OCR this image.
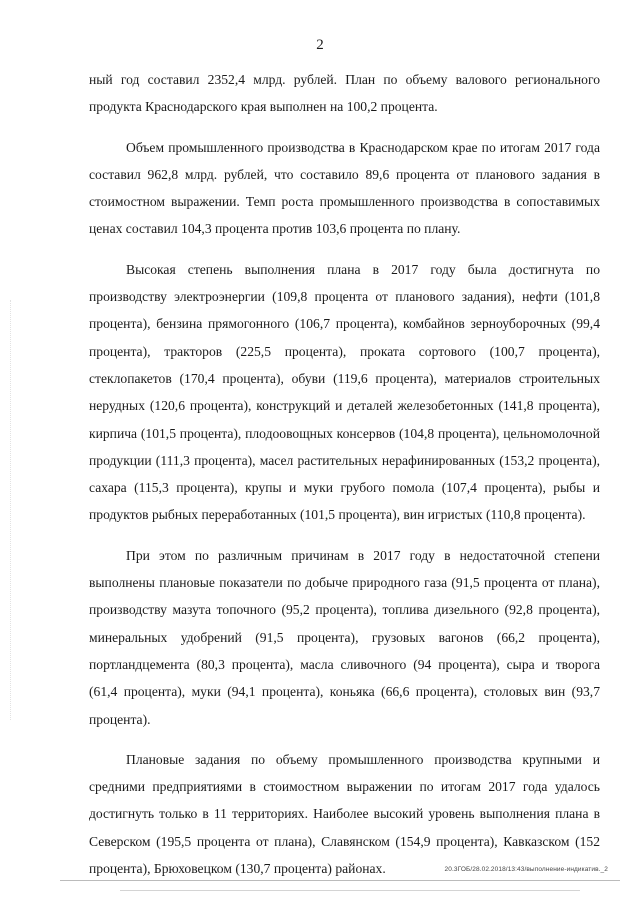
2

ный год составил 2352,4 млрд. рублей. План по объему валового регионального продукта Краснодарского края выполнен на 100,2 процента.

Объем промышленного производства в Краснодарском крае по итогам 2017 года составил 962,8 млрд. рублей, что составило 89,6 процента от планового задания в стоимостном выражении. Темп роста промышленного производства в сопоставимых ценах составил 104,3 процента против 103,6 процента по плану.

Высокая степень выполнения плана в 2017 году была достигнута по производству электроэнергии (109,8 процента от планового задания), нефти (101,8 процента), бензина прямогонного (106,7 процента), комбайнов зерноуборочных (99,4 процента), тракторов (225,5 процента), проката сортового (100,7 процента), стеклопакетов (170,4 процента), обуви (119,6 процента), материалов строительных нерудных (120,6 процента), конструкций и деталей железобетонных (141,8 процента), кирпича (101,5 процента), плодоовощных консервов (104,8 процента), цельномолочной продукции (111,3 процента), масел растительных нерафинированных (153,2 процента), сахара (115,3 процента), крупы и муки грубого помола (107,4 процента), рыбы и продуктов рыбных переработанных (101,5 процента), вин игристых (110,8 процента).

При этом по различным причинам в 2017 году в недостаточной степени выполнены плановые показатели по добыче природного газа (91,5 процента от плана), производству мазута топочного (95,2 процента), топлива дизельного (92,8 процента), минеральных удобрений (91,5 процента), грузовых вагонов (66,2 процента), портландцемента (80,3 процента), масла сливочного (94 процента), сыра и творога (61,4 процента), муки (94,1 процента), коньяка (66,6 процента), столовых вин (93,7 процента).

Плановые задания по объему промышленного производства крупными и средними предприятиями в стоимостном выражении по итогам 2017 года удалось достигнуть только в 11 территориях. Наиболее высокий уровень выполнения плана в Северском (195,5 процента от плана), Славянском (154,9 процента), Кавказском (152 процента), Брюховецком (130,7 процента) районах.	20.3ГОБ/28.02.2018/13:43/выполнение-индикатив._2
